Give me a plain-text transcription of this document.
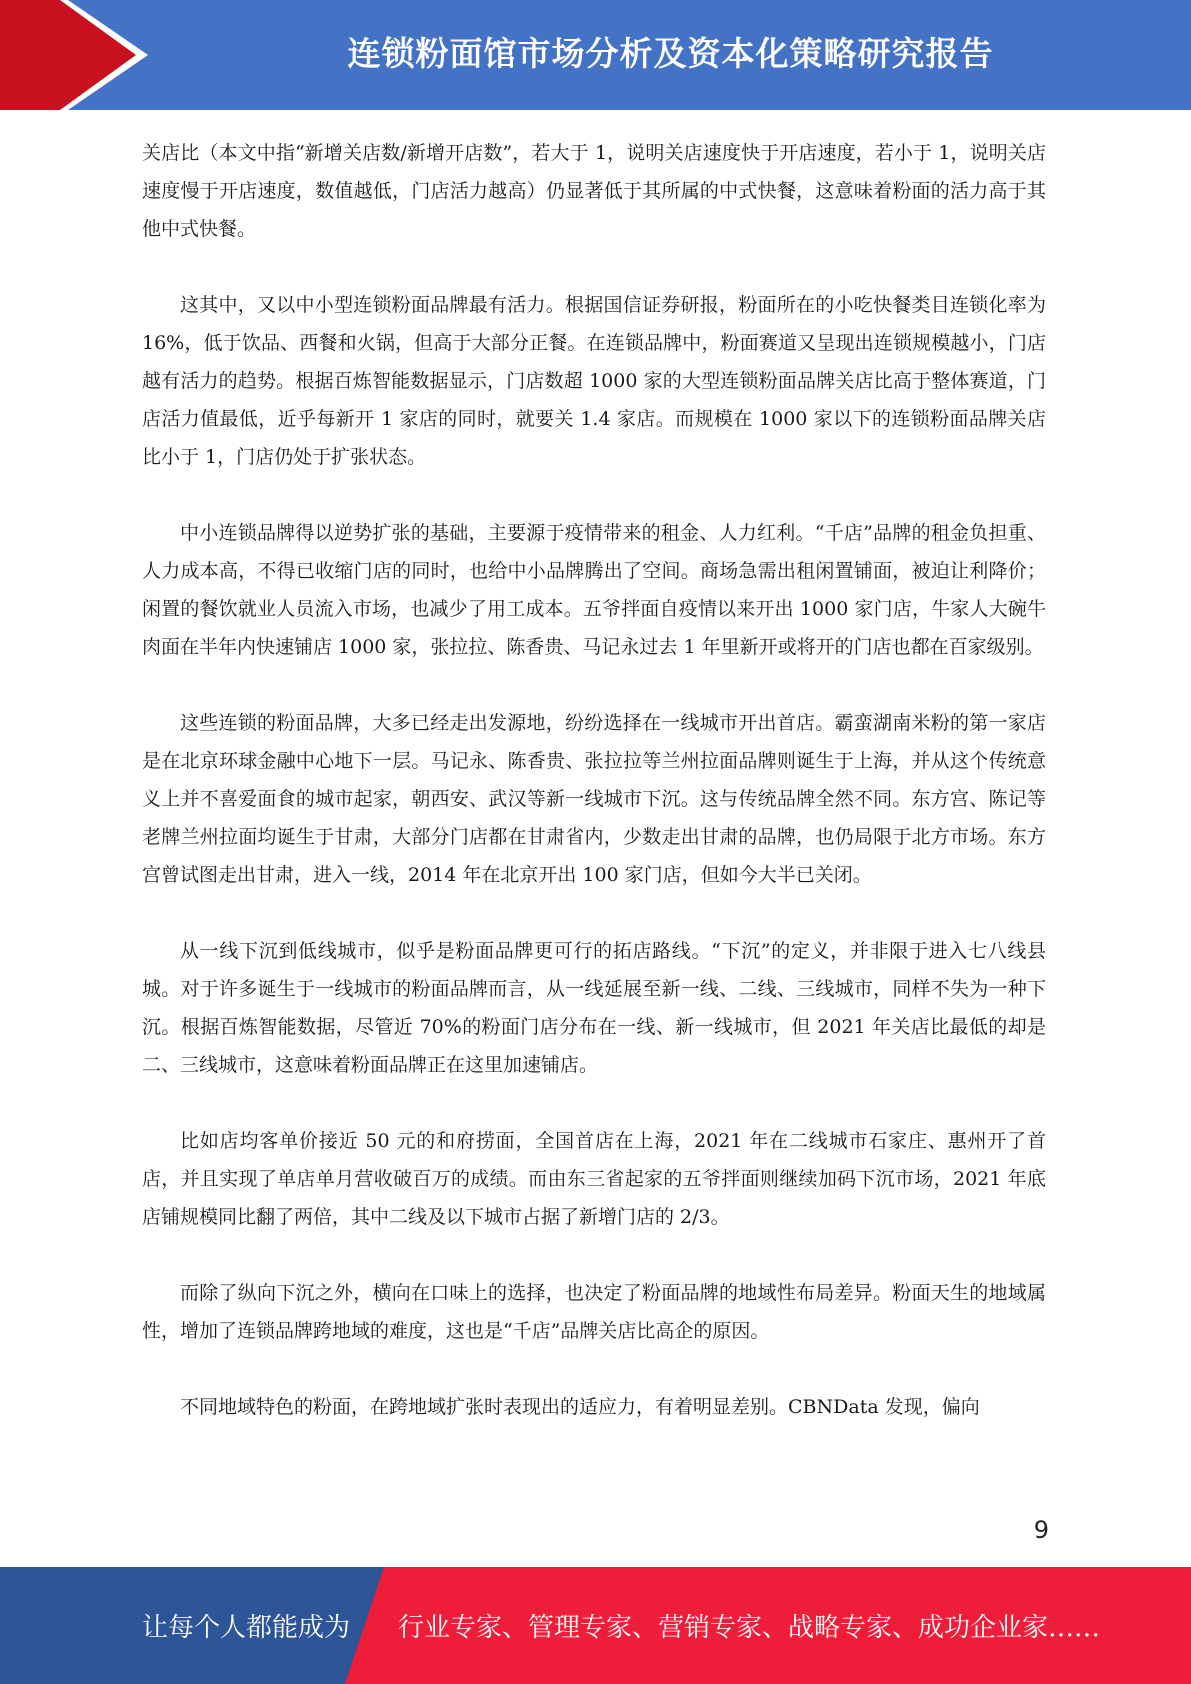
连锁粉面馆市场分析及资本化策略研究报告

关店比（本文中指“新增关店数/新增开店数”，若大于 1，说明关店速度快于开店速度，若小于 1，说明关店速度慢于开店速度，数值越低，门店活力越高）仍显著低于其所属的中式快餐，这意味着粉面的活力高于其他中式快餐。

这其中，又以中小型连锁粉面品牌最有活力。根据国信证券研报，粉面所在的小吃快餐类目连锁化率为 16%，低于饮品、西餐和火锅，但高于大部分正餐。在连锁品牌中，粉面赛道又呈现出连锁规模越小，门店越有活力的趋势。根据百炼智能数据显示，门店数超 1000 家的大型连锁粉面品牌关店比高于整体赛道，门店活力值最低，近乎每新开 1 家店的同时，就要关 1.4 家店。而规模在 1000 家以下的连锁粉面品牌关店比小于 1，门店仍处于扩张状态。

中小连锁品牌得以逆势扩张的基础，主要源于疫情带来的租金、人力红利。“千店”品牌的租金负担重、人力成本高，不得已收缩门店的同时，也给中小品牌腾出了空间。商场急需出租闲置铺面，被迫让利降价；闲置的餐饮就业人员流入市场，也减少了用工成本。五爷拌面自疫情以来开出 1000 家门店，牛家人大碗牛肉面在半年内快速铺店 1000 家，张拉拉、陈香贵、马记永过去 1 年里新开或将开的门店也都在百家级别。

这些连锁的粉面品牌，大多已经走出发源地，纷纷选择在一线城市开出首店。霸蛮湖南米粉的第一家店是在北京环球金融中心地下一层。马记永、陈香贵、张拉拉等兰州拉面品牌则诞生于上海，并从这个传统意义上并不喜爱面食的城市起家，朝西安、武汉等新一线城市下沉。这与传统品牌全然不同。东方宫、陈记等老牌兰州拉面均诞生于甘肃，大部分门店都在甘肃省内，少数走出甘肃的品牌，也仍局限于北方市场。东方宫曾试图走出甘肃，进入一线，2014 年在北京开出 100 家门店，但如今大半已关闭。

从一线下沉到低线城市，似乎是粉面品牌更可行的拓店路线。“下沉”的定义，并非限于进入七八线县城。对于许多诞生于一线城市的粉面品牌而言，从一线延展至新一线、二线、三线城市，同样不失为一种下沉。根据百炼智能数据，尽管近 70%的粉面门店分布在一线、新一线城市，但 2021 年关店比最低的却是二、三线城市，这意味着粉面品牌正在这里加速铺店。

比如店均客单价接近 50 元的和府捞面，全国首店在上海，2021 年在二线城市石家庄、惠州开了首店，并且实现了单店单月营收破百万的成绩。而由东三省起家的五爷拌面则继续加码下沉市场，2021 年底店铺规模同比翻了两倍，其中二线及以下城市占据了新增门店的 2/3。

而除了纵向下沉之外，横向在口味上的选择，也决定了粉面品牌的地域性布局差异。粉面天生的地域属性，增加了连锁品牌跨地域的难度，这也是“千店”品牌关店比高企的原因。

不同地域特色的粉面，在跨地域扩张时表现出的适应力，有着明显差别。CBNData 发现，偏向

9
让每个人都能成为 行业专家、管理专家、营销专家、战略专家、成功企业家……
